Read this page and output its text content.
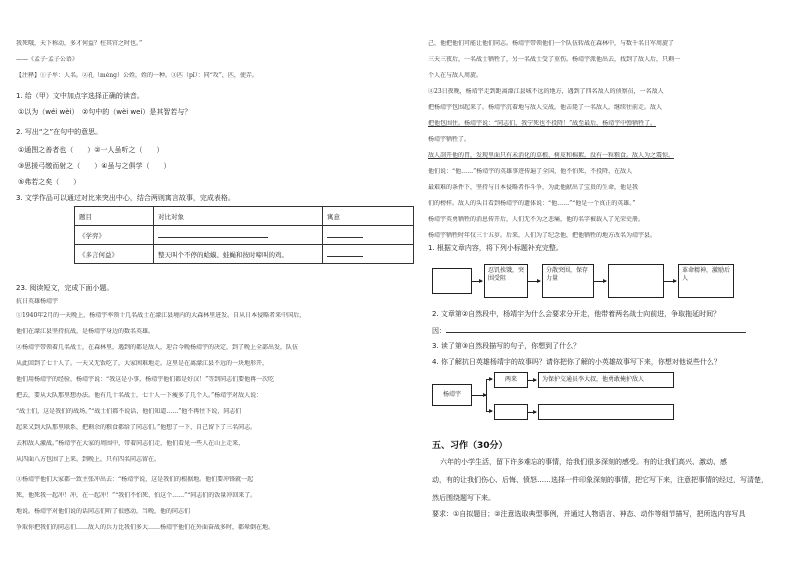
我死哦，天下称动，多才何益？枉其官之时也。”
——《孟子·孟子公语》
【注释】①子牟：人名。②孔（méng）公姓，姓的一种。③匹（pǐ）：同“攻”，匹，使弄。
1. 给（甲）文中加点字选择正确的读音。
①以为（wéi wèi）　②句中的（wèi wei）是其智若与？
2. 写出“之”在句中的意思。
①通图之善者也（　　）②一人虽听之（　　）
③思援弓缴而射之（　　）④虽与之俱学（　　）
⑤弗若之矣（　　）
3. 文学作品可以通过对比来突出中心，结合两则寓言故事，完成表格。
题目	对比对象	寓意
《学弈》		
《多言何益》	整天叫个不停的蛤蟆、蛙蝇和按时啼叫的鸡。	
23. 阅读短文，完成下面小题。
抗日英雄杨靖宇
①1940年2月的一天晚上，杨靖宇率领十几名战士在濛江县境内的大森林里进发。自从日本侵略者来中国后，
他们在濛江县坚持抗战，是杨靖宇身边的数名英雄。
②杨靖宇带领着几名战士，在森林里，遇到的都是敌人，迎合今晚杨靖宇的决定，到了晚上全部出发，队伍
从此回到了七十人了。一天又无饭吃了，大家困难地走。这里是在离濛江县不远的一块地形开，
他们用杨靖宇的经验，杨靖宇说：“我这是小事，杨靖宇他们都是好汉！”等到同志们要他再一次吃
把去，要从大队那里想办法。他有几十名战士，七十人一下瘦多了几个人。”杨靖宇对敌人说：
“战士们，这是我们的战场。”“战士们都不说话，他们知道……”他不再往下说，同志们
起来又到大队那里联系，把剩余的粮食都给了同志们。”他想了一下，自己留下了三名同志。
去和敌人激战。”杨靖宇在大家的周围中，带着同志们走，他们看见一些人在山上走来，
从四面八方包围了上来。到晚上，只有四名同志留在。
③杨靖宇他们大家都一致主张冲出去：“杨靖宇说，这是我们的根据地。他们要冲锋就一起
死，他死我一起冲！冲，在一起冲！”“我们不怕死，怕这个……”“同志们的饭量冲回来了。
地说。杨靖宇对他们说的话同志们听了很感动，当晚，他的同志们
争取你把我们的同志们……敌人的兵力比我们多大……杨靖宇他们在外面奋战多时，都晕倒在地。
己，他把他们可能让他们同志。杨靖宇带领他们一个队伍转战在森林中，与数千名日军周旋了
三天三夜后，一名战士牺牲了，另一名战士受了重伤。杨靖宇派他出去，找到了敌人后，只剩一
个人在与敌人周旋。
④23日夜晚，杨靖宇走到距离濛江县城不远的地方，遇到了四名敌人的侦察员，一名敌人
把杨靖宇包围起来了。杨靖宇沉着地与敌人交战，他击毙了一名敌人，继续往前走。敌人
把他包围住。杨靖宇说：“同志们，我宁死也不投降！”战至最后，杨靖宇中弹牺牲了。
杨靖宇牺牲了。
敌人剖开他的胃，发现里面只有未消化的草根、树皮和棉絮，没有一粒粮食。敌人为之震惊。
他们说：“他……”杨靖宇的英雄事迹传遍了全国，他不怕死，不投降，在敌人
最艰难的条件下，坚持与日本侵略者作斗争，为此他献出了宝贵的生命，他是我
们的榜样。敌人的头目看到杨靖宇的遗体说：“他……”“他是一个真正的英雄。”
杨靖宇英勇牺牲的消息传开后，人们无不为之悲痛，他的名字被载入了光荣史册。
杨靖宇牺牲时年仅三十五岁。后来，人们为了纪念他，把他牺牲的地方改名为靖宇县。
1. 根据文章内容，将下列小标题补充完整。
忍饥挨饿，突围受阻
分散突围，保存力量
革命精神，激励后人
2. 文章第②自然段中，杨靖宇为什么会要求分开走，他带着两名战士向前进，争取拖延时间？
因：
3. 读了第③自然段描写的句子，你想到了什么？
4. 你了解抗日英雄杨靖宇的故事吗？请你把你了解的小英雄故事写下来，你想对他说些什么？
杨靖宇
两来	为保护交通员李大叔，他勇敢掩护敌人
五、习作（30分）
六年的小学生活，留下许多难忘的事情，给我们很多深刻的感受。有的让我们高兴、激动、感
动，有的让我们伤心、后悔、愤怒……选择一件印象深刻的事情，把它写下来，注意把事情的经过，写清楚，
然后围绕题写下来。
要求：①自拟题目；②注意选取典型事例，并通过人物语言、神态、动作等细节描写，把所选内容写具
